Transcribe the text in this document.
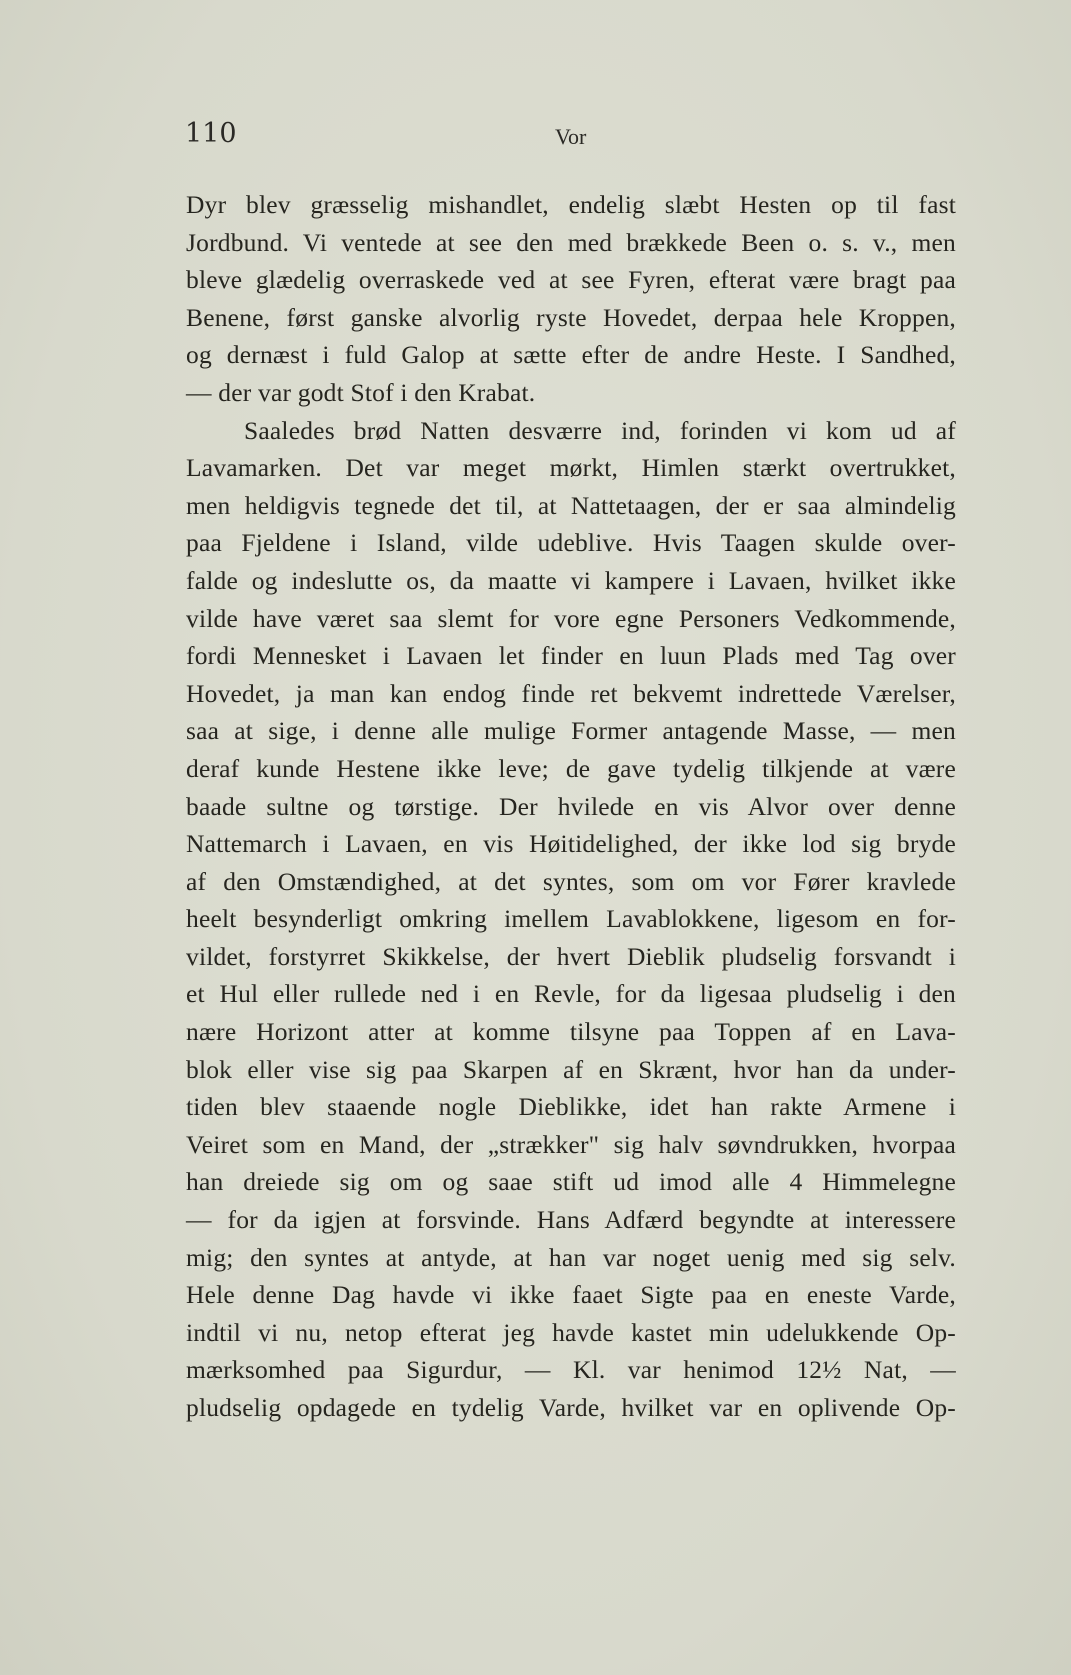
110	Vor
Dyr blev græsselig mishandlet, endelig slæbt Hesten op til fast
Jordbund. Vi ventede at see den med brækkede Been o. s. v., men
bleve glædelig overraskede ved at see Fyren, efterat være bragt paa
Benene, først ganske alvorlig ryste Hovedet, derpaa hele Kroppen,
og dernæst i fuld Galop at sætte efter de andre Heste. I Sandhed,
— der var godt Stof i den Krabat.
Saaledes brød Natten desværre ind, forinden vi kom ud af
Lavamarken. Det var meget mørkt, Himlen stærkt overtrukket,
men heldigvis tegnede det til, at Nattetaagen, der er saa almindelig
paa Fjeldene i Island, vilde udeblive. Hvis Taagen skulde over-
falde og indeslutte os, da maatte vi kampere i Lavaen, hvilket ikke
vilde have været saa slemt for vore egne Personers Vedkommende,
fordi Mennesket i Lavaen let finder en luun Plads med Tag over
Hovedet, ja man kan endog finde ret bekvemt indrettede Værelser,
saa at sige, i denne alle mulige Former antagende Masse, — men
deraf kunde Hestene ikke leve; de gave tydelig tilkjende at være
baade sultne og tørstige. Der hvilede en vis Alvor over denne
Nattemarch i Lavaen, en vis Høitidelighed, der ikke lod sig bryde
af den Omstændighed, at det syntes, som om vor Fører kravlede
heelt besynderligt omkring imellem Lavablokkene, ligesom en for-
vildet, forstyrret Skikkelse, der hvert Dieblik pludselig forsvandt i
et Hul eller rullede ned i en Revle, for da ligesaa pludselig i den
nære Horizont atter at komme tilsyne paa Toppen af en Lava-
blok eller vise sig paa Skarpen af en Skrænt, hvor han da under-
tiden blev staaende nogle Dieblikke, idet han rakte Armene i
Veiret som en Mand, der „strækker" sig halv søvndrukken, hvorpaa
han dreiede sig om og saae stift ud imod alle 4 Himmelegne
— for da igjen at forsvinde. Hans Adfærd begyndte at interessere
mig; den syntes at antyde, at han var noget uenig med sig selv.
Hele denne Dag havde vi ikke faaet Sigte paa en eneste Varde,
indtil vi nu, netop efterat jeg havde kastet min udelukkende Op-
mærksomhed paa Sigurdur, — Kl. var henimod 12½ Nat, —
pludselig opdagede en tydelig Varde, hvilket var en oplivende Op-
